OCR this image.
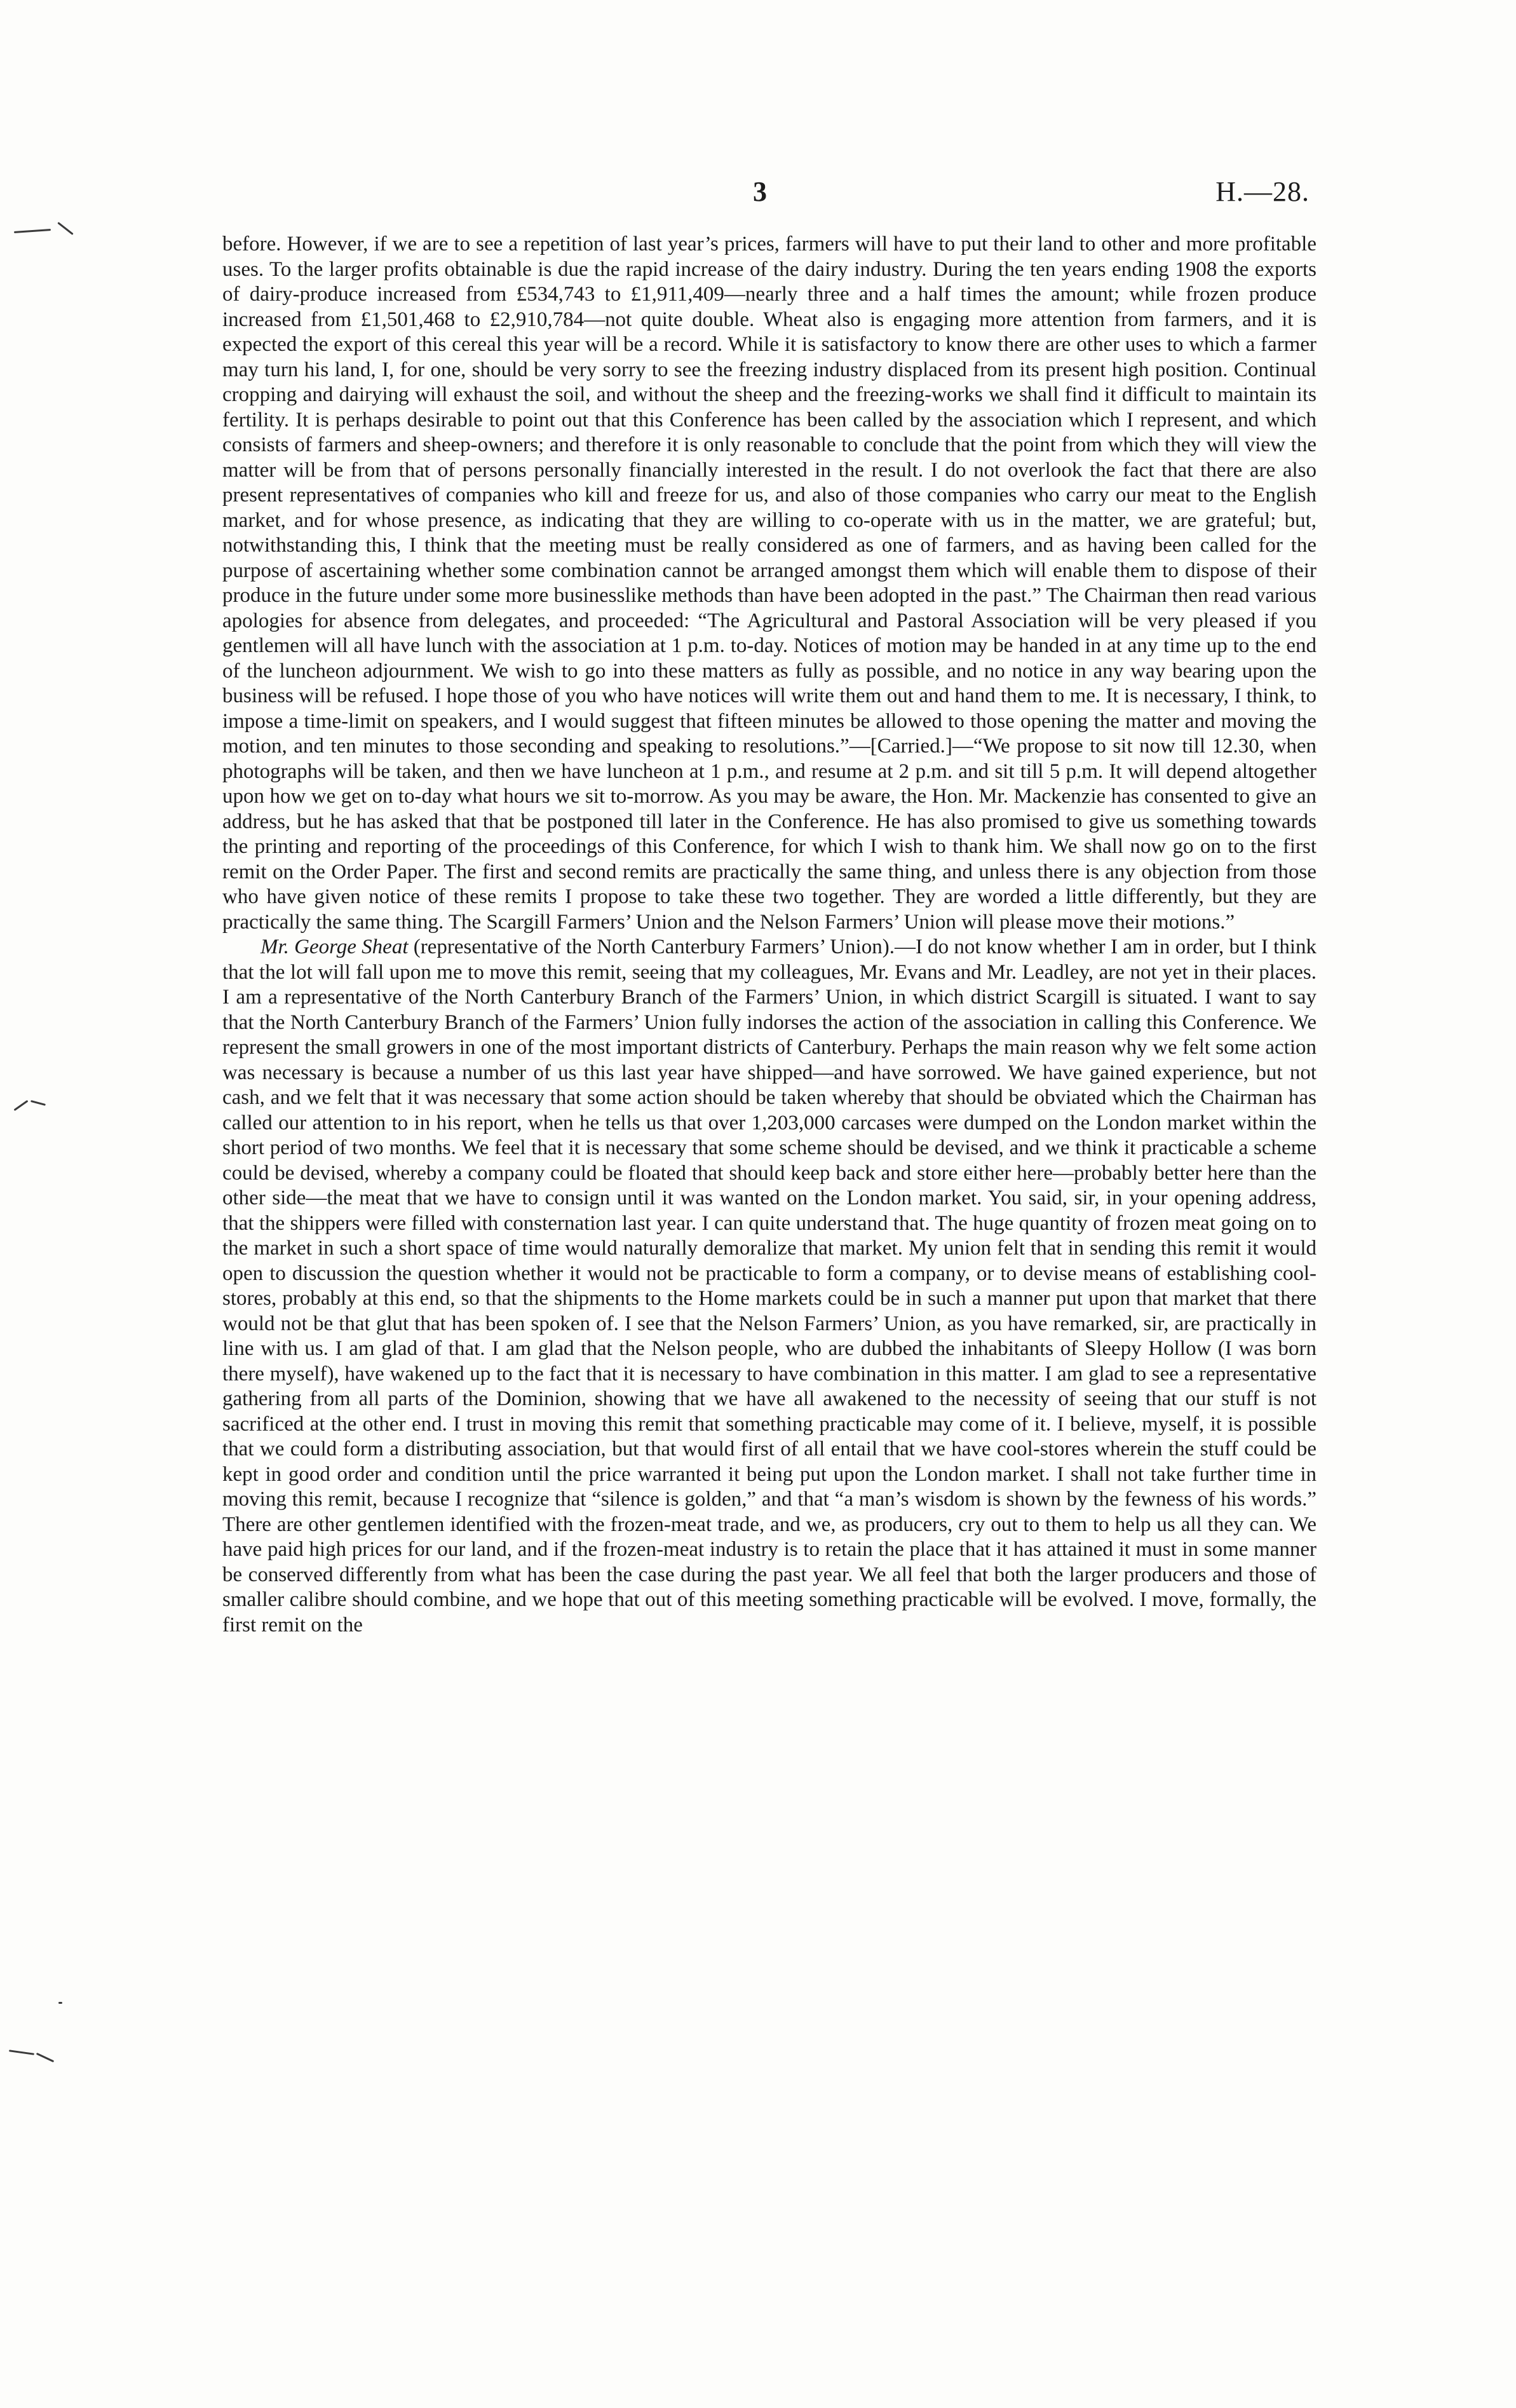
3	H.—28.

before. However, if we are to see a repetition of last year’s prices, farmers will have to put their land to other and more profitable uses. To the larger profits obtainable is due the rapid increase of the dairy industry. During the ten years ending 1908 the exports of dairy-produce increased from £534,743 to £1,911,409—nearly three and a half times the amount; while frozen produce increased from £1,501,468 to £2,910,784—not quite double. Wheat also is engaging more attention from farmers, and it is expected the export of this cereal this year will be a record. While it is satisfactory to know there are other uses to which a farmer may turn his land, I, for one, should be very sorry to see the freezing industry displaced from its present high position. Continual cropping and dairying will exhaust the soil, and without the sheep and the freezing-works we shall find it difficult to maintain its fertility. It is perhaps desirable to point out that this Conference has been called by the association which I represent, and which consists of farmers and sheep-owners; and therefore it is only reasonable to conclude that the point from which they will view the matter will be from that of persons personally financially interested in the result. I do not overlook the fact that there are also present representatives of companies who kill and freeze for us, and also of those companies who carry our meat to the English market, and for whose presence, as indicating that they are willing to co-operate with us in the matter, we are grateful; but, notwithstanding this, I think that the meeting must be really considered as one of farmers, and as having been called for the purpose of ascertaining whether some combination cannot be arranged amongst them which will enable them to dispose of their produce in the future under some more businesslike methods than have been adopted in the past.” The Chairman then read various apologies for absence from delegates, and proceeded: “The Agricultural and Pastoral Association will be very pleased if you gentlemen will all have lunch with the association at 1 p.m. to-day. Notices of motion may be handed in at any time up to the end of the luncheon adjournment. We wish to go into these matters as fully as possible, and no notice in any way bearing upon the business will be refused. I hope those of you who have notices will write them out and hand them to me. It is necessary, I think, to impose a time-limit on speakers, and I would suggest that fifteen minutes be allowed to those opening the matter and moving the motion, and ten minutes to those seconding and speaking to resolutions.”—[Carried.]—“We propose to sit now till 12.30, when photographs will be taken, and then we have luncheon at 1 p.m., and resume at 2 p.m. and sit till 5 p.m. It will depend altogether upon how we get on to-day what hours we sit to-morrow. As you may be aware, the Hon. Mr. Mackenzie has consented to give an address, but he has asked that that be postponed till later in the Conference. He has also promised to give us something towards the printing and reporting of the proceedings of this Conference, for which I wish to thank him. We shall now go on to the first remit on the Order Paper. The first and second remits are practically the same thing, and unless there is any objection from those who have given notice of these remits I propose to take these two together. They are worded a little differently, but they are practically the same thing. The Scargill Farmers’ Union and the Nelson Farmers’ Union will please move their motions.”

Mr. George Sheat (representative of the North Canterbury Farmers’ Union).—I do not know whether I am in order, but I think that the lot will fall upon me to move this remit, seeing that my colleagues, Mr. Evans and Mr. Leadley, are not yet in their places. I am a representative of the North Canterbury Branch of the Farmers’ Union, in which district Scargill is situated. I want to say that the North Canterbury Branch of the Farmers’ Union fully indorses the action of the association in calling this Conference. We represent the small growers in one of the most important districts of Canterbury. Perhaps the main reason why we felt some action was necessary is because a number of us this last year have shipped—and have sorrowed. We have gained experience, but not cash, and we felt that it was necessary that some action should be taken whereby that should be obviated which the Chairman has called our attention to in his report, when he tells us that over 1,203,000 carcases were dumped on the London market within the short period of two months. We feel that it is necessary that some scheme should be devised, and we think it practicable a scheme could be devised, whereby a company could be floated that should keep back and store either here—probably better here than the other side—the meat that we have to consign until it was wanted on the London market. You said, sir, in your opening address, that the shippers were filled with consternation last year. I can quite understand that. The huge quantity of frozen meat going on to the market in such a short space of time would naturally demoralize that market. My union felt that in sending this remit it would open to discussion the question whether it would not be practicable to form a company, or to devise means of establishing cool-stores, probably at this end, so that the shipments to the Home markets could be in such a manner put upon that market that there would not be that glut that has been spoken of. I see that the Nelson Farmers’ Union, as you have remarked, sir, are practically in line with us. I am glad of that. I am glad that the Nelson people, who are dubbed the inhabitants of Sleepy Hollow (I was born there myself), have wakened up to the fact that it is necessary to have combination in this matter. I am glad to see a representative gathering from all parts of the Dominion, showing that we have all awakened to the necessity of seeing that our stuff is not sacrificed at the other end. I trust in moving this remit that something practicable may come of it. I believe, myself, it is possible that we could form a distributing association, but that would first of all entail that we have cool-stores wherein the stuff could be kept in good order and condition until the price warranted it being put upon the London market. I shall not take further time in moving this remit, because I recognize that “silence is golden,” and that “a man’s wisdom is shown by the fewness of his words.” There are other gentlemen identified with the frozen-meat trade, and we, as producers, cry out to them to help us all they can. We have paid high prices for our land, and if the frozen-meat industry is to retain the place that it has attained it must in some manner be conserved differently from what has been the case during the past year. We all feel that both the larger producers and those of smaller calibre should combine, and we hope that out of this meeting something practicable will be evolved. I move, formally, the first remit on the
